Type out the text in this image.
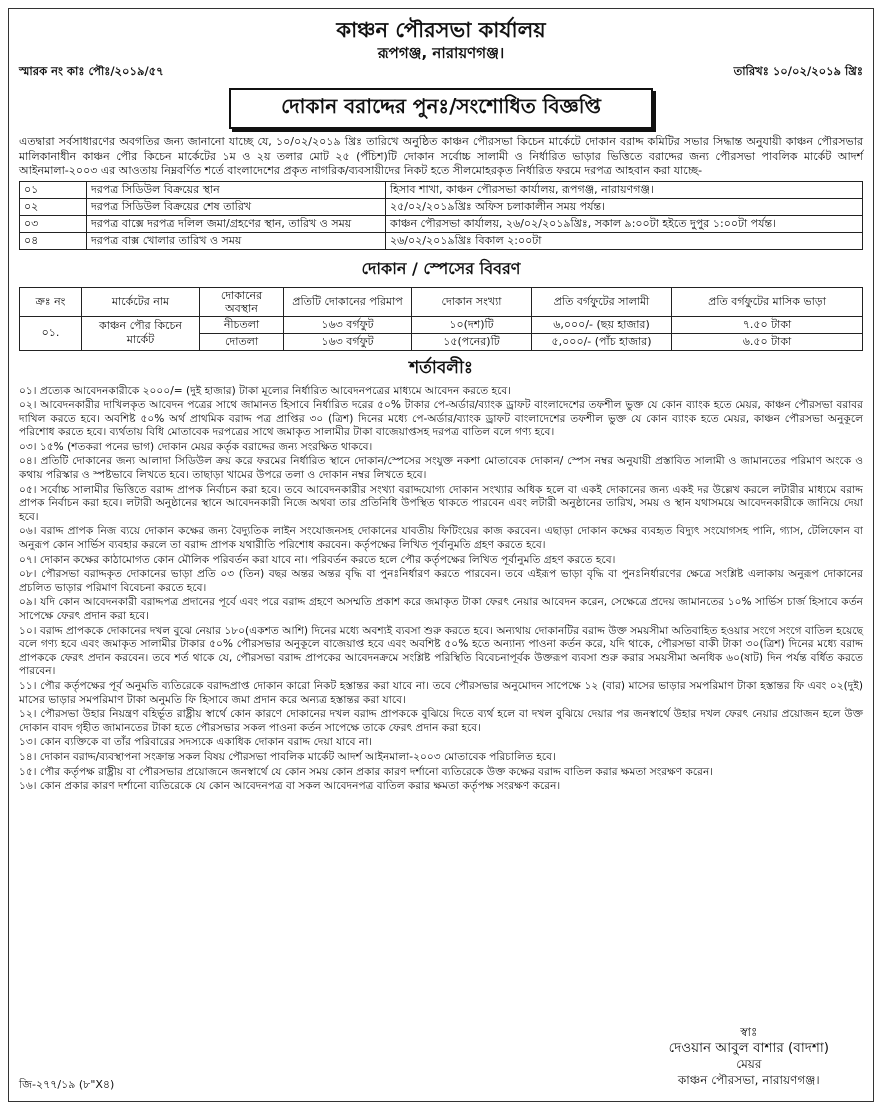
কাঞ্চন পৌরসভা কার্যালয়
রূপগঞ্জ, নারায়ণগঞ্জ।
স্মারক নং কাঃ পৌঃ/২০১৯/৫৭	তারিখঃ ১০/০২/২০১৯ খ্রিঃ
দোকান বরাদ্দের পুনঃ/সংশোধিত বিজ্ঞপ্তি
এতদ্বারা সর্বসাধারণের অবগতির জন্য জানানো যাচ্ছে যে, ১০/০২/২০১৯ খ্রিঃ তারিখে অনুষ্ঠিত কাঞ্চন পৌরসভা কিচেন মার্কেটে দোকান বরাদ্দ কমিটির সভার সিদ্ধান্ত অনুযায়ী কাঞ্চন পৌরসভার মালিকানাধীন কাঞ্চন পৌর কিচেন মার্কেটের ১ম ও ২য় তলার মোট ২৫ (পঁচিশ)টি দোকান সর্বোচ্চ সালামী ও নির্ধারিত ভাড়ার ভিত্তিতে বরাদ্দের জন্য পৌরসভা পাবলিক মার্কেট আদর্শ আইনমালা-২০০৩ এর আওতায় নিম্নবর্ণিত শর্তে বাংলাদেশের প্রকৃত নাগরিক/ব্যবসায়ীদের নিকট হতে সীলমোহরকৃত নির্ধারিত ফরমে দরপত্র আহবান করা যাচ্ছে-
০১	দরপত্র সিডিউল বিক্রয়ের স্থান	হিসাব শাখা, কাঞ্চন পৌরসভা কার্যালয়, রূপগঞ্জ, নারায়ণগঞ্জ।
০২	দরপত্র সিডিউল বিক্রয়ের শেষ তারিখ	২৫/০২/২০১৯খ্রিঃ অফিস চলাকালীন সময় পর্যন্ত।
০৩	দরপত্র বাক্সে দরপত্র দলিল জমা/গ্রহণের স্থান, তারিখ ও সময়	কাঞ্চন পৌরসভা কার্যালয়, ২৬/০২/২০১৯খ্রিঃ, সকাল ৯:০০টা হইতে দুপুর ১:০০টা পর্যন্ত।
০৪	দরপত্র বাক্স খোলার তারিখ ও সময়	২৬/০২/২০১৯খ্রিঃ বিকাল ২:০০টা
দোকান / স্পেসের বিবরণ
ক্রঃ নং	মার্কেটের নাম	দোকানের অবস্থান	প্রতিটি দোকানের পরিমাপ	দোকান সংখ্যা	প্রতি বর্গফুটের সালামী	প্রতি বর্গফুটের মাসিক ভাড়া
০১.	কাঞ্চন পৌর কিচেন মার্কেট	নীচতলা	১৬৩ বর্গফুট	১০(দশ)টি	৬,০০০/- (ছয় হাজার)	৭.৫০ টাকা
		দোতলা	১৬৩ বর্গফুট	১৫(পনের)টি	৫,০০০/- (পাঁচ হাজার)	৬.৫০ টাকা
শর্তাবলীঃ

০১। প্রত্যেক আবেদনকারীকে ২০০০/= (দুই হাজার) টাকা মূল্যের নির্ধারিত আবেদনপত্রের মাধ্যমে আবেদন করতে হবে।

০২। আবেদনকারীর দাখিলকৃত আবেদন পত্রের সাথে জামানত হিসাবে নির্ধারিত দরের ৫০% টাকার পে-অর্ডার/ব্যাংক ড্রাফট বাংলাদেশের তফশীল ভুক্ত যে কোন ব্যাংক হতে মেয়র, কাঞ্চন পৌরসভা বরাবর দাখিল করতে হবে। অবশিষ্ট ৫০% অর্থ প্রাথমিক বরাদ্দ পত্র প্রাপ্তির ৩০ (ত্রিশ) দিনের মধ্যে পে-অর্ডার/ব্যাংক ড্রাফট বাংলাদেশের তফশীল ভুক্ত যে কোন ব্যাংক হতে মেয়র, কাঞ্চন পৌরসভা অনুকূলে পরিশোধ করতে হবে। ব্যর্থতায় বিধি মোতাবেক দরপত্রের সাথে জমাকৃত সালামীর টাকা বাজেয়াপ্তসহ দরপত্র বাতিল বলে গণ্য হবে।

০৩। ১৫% (শতকরা পনের ভাগ) দোকান মেয়র কর্তৃক বরাদ্দের জন্য সংরক্ষিত থাকবে।

০৪। প্রতিটি দোকানের জন্য আলাদা সিডিউল ক্রয় করে ফরমের নির্ধারিত স্থানে দোকান/স্পেসের সংযুক্ত নকশা মোতাবেক দোকান/ স্পেস নম্বর অনুযায়ী প্রস্তাবিত সালামী ও জামানতের পরিমাণ অংকে ও কথায় পরিস্কার ও স্পষ্টভাবে লিখতে হবে। তাছাড়া খামের উপরে তলা ও দোকান নম্বর লিখতে হবে।

০৫। সর্বোচ্চ সালামীর ভিত্তিতে বরাদ্দ প্রাপক নির্বাচন করা হবে। তবে আবেদনকারীর সংখ্যা বরাদ্দযোগ্য দোকান সংখ্যার অধিক হলে বা একই দোকানের জন্য একই দর উল্লেখ করলে লটারীর মাধ্যমে বরাদ্দ প্রাপক নির্বাচন করা হবে। লটারী অনুষ্ঠানের স্থানে আবেদনকারী নিজে অথবা তার প্রতিনিধি উপস্থিত থাকতে পারবেন এবং লটারী অনুষ্ঠানের তারিখ, সময় ও স্থান যথাসময়ে আবেদনকারীকে জানিয়ে দেয়া হবে।

০৬। বরাদ্দ প্রাপক নিজ ব্যয়ে দোকান কক্ষের জন্য বৈদ্যুতিক লাইন সংযোজনসহ দোকানের যাবতীয় ফিটিংয়ের কাজ করবেন। এছাড়া দোকান কক্ষের ব্যবহৃত বিদ্যুৎ সংযোগসহ পানি, গ্যাস, টেলিফোন বা অনুরূপ কোন সার্ভিস ব্যবহার করলে তা বরাদ্দ প্রাপক যথারীতি পরিশোধ করবেন। কর্তৃপক্ষের লিখিত পূর্বানুমতি গ্রহণ করতে হবে।

০৭। দোকান কক্ষের কাঠামোগত কোন মৌলিক পরিবর্তন করা যাবে না। পরিবর্তন করতে হলে পৌর কর্তৃপক্ষের লিখিত পূর্বানুমতি গ্রহণ করতে হবে।

০৮। পৌরসভা বরাদ্দকৃত দোকানের ভাড়া প্রতি ০৩ (তিন) বছর অন্তর অন্তর বৃদ্ধি বা পুনঃনির্ধারণ করতে পারবেন। তবে এইরূপ ভাড়া বৃদ্ধি বা পুনঃনির্ধারণের ক্ষেত্রে সংশ্লিষ্ট এলাকায় অনুরূপ দোকানের প্রচলিত ভাড়ার পরিমাণ বিবেচনা করতে হবে।

০৯। যদি কোন আবেদনকারী বরাদ্দপত্র প্রদানের পূর্বে এবং পরে বরাদ্দ গ্রহণে অসম্মতি প্রকাশ করে জমাকৃত টাকা ফেরৎ নেয়ার আবেদন করেন, সেক্ষেত্রে প্রদেয় জামানতের ১০% সার্ভিস চার্জ হিসাবে কর্তন সাপেক্ষে ফেরৎ প্রদান করা হবে।

১০। বরাদ্দ প্রাপককে দোকানের দখল বুঝে নেয়ার ১৮০(একশত আশি) দিনের মধ্যে অবশ্যই ব্যবসা শুরু করতে হবে। অন্যথায় দোকানটির বরাদ্দ উক্ত সময়সীমা অতিবাহিত হওয়ার সংগে সংগে বাতিল হয়েছে বলে গণ্য হবে এবং জমাকৃত সালামীর টাকার ৫০% পৌরসভার অনুকূলে বাজেয়াপ্ত হবে এবং অবশিষ্ট ৫০% হতে অন্যান্য পাওনা কর্তন করে, যদি থাকে, পৌরসভা বাকী টাকা ৩০(ত্রিশ) দিনের মধ্যে বরাদ্দ প্রাপককে ফেরৎ প্রদান করবেন। তবে শর্ত থাকে যে, পৌরসভা বরাদ্দ প্রাপকের আবেদনক্রমে সংশ্লিষ্ট পরিস্থিতি বিবেচনাপূর্বক উক্তরূপ ব্যবসা শুরু করার সময়সীমা অনধিক ৬০(ষাট) দিন পর্যন্ত বর্ধিত করতে পারবেন।

১১। পৌর কর্তৃপক্ষের পূর্ব অনুমতি ব্যতিরেকে বরাদ্দপ্রাপ্ত দোকান কারো নিকট হস্তান্তর করা যাবে না। তবে পৌরসভার অনুমোদন সাপেক্ষে ১২ (বার) মাসের ভাড়ার সমপরিমাণ টাকা হস্তান্তর ফি এবং ০২(দুই) মাসের ভাড়ার সমপরিমাণ টাকা অনুমতি ফি হিসাবে জমা প্রদান করে অন্যত্র হস্তান্তর করা যাবে।

১২। পৌরসভা উহার নিয়ন্ত্রণ বহির্ভূত রাষ্ট্রীয় স্বার্থে কোন কারণে দোকানের দখল বরাদ্দ প্রাপককে বুঝিয়ে দিতে ব্যর্থ হলে বা দখল বুঝিয়ে দেয়ার পর জনস্বার্থে উহার দখল ফেরৎ নেয়ার প্রয়োজন হলে উক্ত দোকান বাবদ গৃহীত জামানতের টাকা হতে পৌরসভার সকল পাওনা কর্তন সাপেক্ষে তাকে ফেরৎ প্রদান করা হবে।

১৩। কোন ব্যক্তিকে বা তাঁর পরিবারের সদস্যকে একাধিক দোকান বরাদ্দ দেয়া যাবে না।

১৪। দোকান বরাদ্দ/ব্যবস্থাপনা সংক্রান্ত সকল বিষয় পৌরসভা পাবলিক মার্কেট আদর্শ আইনমালা-২০০৩ মোতাবেক পরিচালিত হবে।

১৫। পৌর কর্তৃপক্ষ রাষ্ট্রীয় বা পৌরসভার প্রয়োজনে জনস্বার্থে যে কোন সময় কোন প্রকার কারণ দর্শানো ব্যতিরেকে উক্ত কক্ষের বরাদ্দ বাতিল করার ক্ষমতা সংরক্ষণ করেন।

১৬। কোন প্রকার কারণ দর্শানো ব্যতিরেকে যে কোন আবেদনপত্র বা সকল আবেদনপত্র বাতিল করার ক্ষমতা কর্তৃপক্ষ সংরক্ষণ করেন।

স্বাঃ
দেওয়ান আবুল বাশার (বাদশা)
মেয়র
কাঞ্চন পৌরসভা, নারায়ণগঞ্জ।
জি-২৭৭/১৯ (৮"X৪)
